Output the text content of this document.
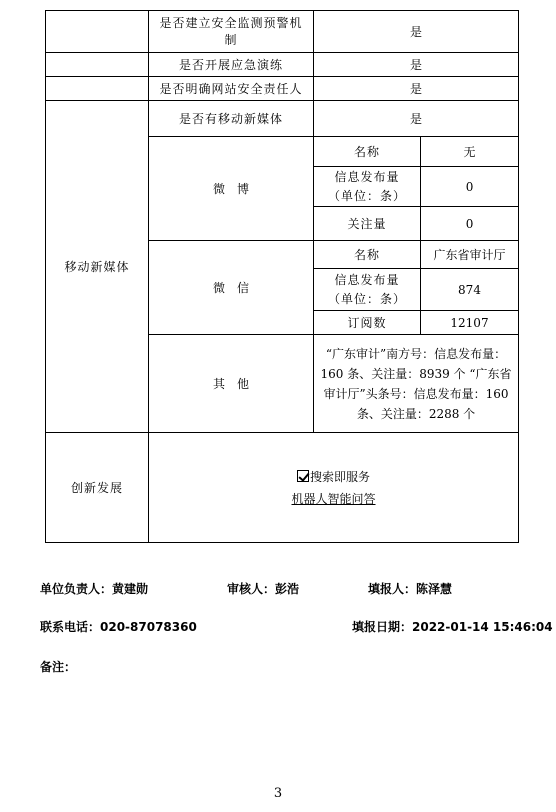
	是否建立安全监测预警机制	是	
	是否开展应急演练	是	
	是否明确网站安全责任人	是	
移动新媒体	是否有移动新媒体	是	
	微　博	名称	无
		信息发布量（单位：条）	0
		关注量	0
	微　信	名称	广东省审计厅
		信息发布量（单位：条）	874
		订阅数	12107
	其　他	“广东审计”南方号：信息发布量：160 条、关注量：8939 个 “广东省审计厅”头条号：信息发布量：160 条、关注量：2288 个	
创新发展	搜索即服务
机器人智能问答		
单位负责人：黄建勋	审核人：彭浩	填报人：陈泽慧
联系电话：020-87078360	填报日期：2022-01-14 15:46:04
备注：
3
